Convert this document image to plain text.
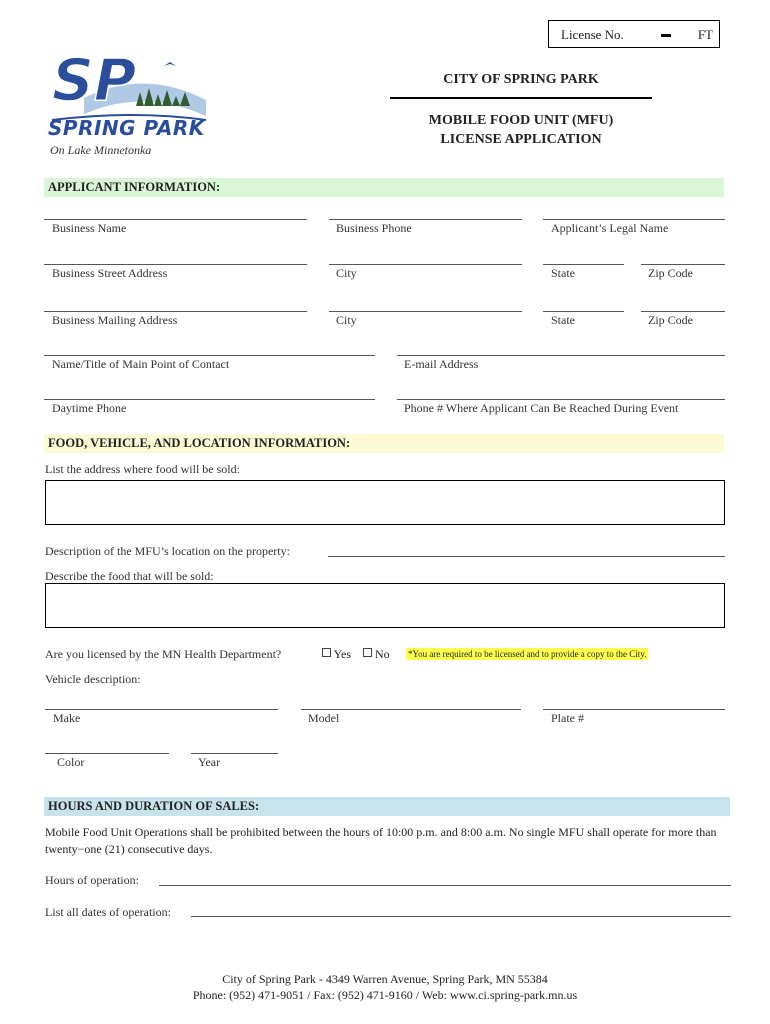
License No.	FT
SP
SPRING PARK
On Lake Minnetonka
CITY OF SPRING PARK
MOBILE FOOD UNIT (MFU)
LICENSE APPLICATION
APPLICANT INFORMATION:
Business Name	Business Phone	Applicant’s Legal Name
Business Street Address	City	State	Zip Code
Business Mailing Address	City	State	Zip Code
Name/Title of Main Point of Contact	E-mail Address
Daytime Phone	Phone # Where Applicant Can Be Reached During Event
FOOD, VEHICLE, AND LOCATION INFORMATION:
List the address where food will be sold:
Description of the MFU’s location on the property:
Describe the food that will be sold:
Are you licensed by the MN Health Department?	Yes	No *You are required to be licensed and to provide a copy to the City.
Vehicle description:
Make	Model	Plate #
Color	Year
HOURS AND DURATION OF SALES:
Mobile Food Unit Operations shall be prohibited between the hours of 10:00 p.m. and 8:00 a.m. No single MFU shall operate for more than twenty−one (21) consecutive days.
Hours of operation:
List all dates of operation:
City of Spring Park - 4349 Warren Avenue, Spring Park, MN 55384
Phone: (952) 471-9051 / Fax: (952) 471-9160 / Web: www.ci.spring-park.mn.us
